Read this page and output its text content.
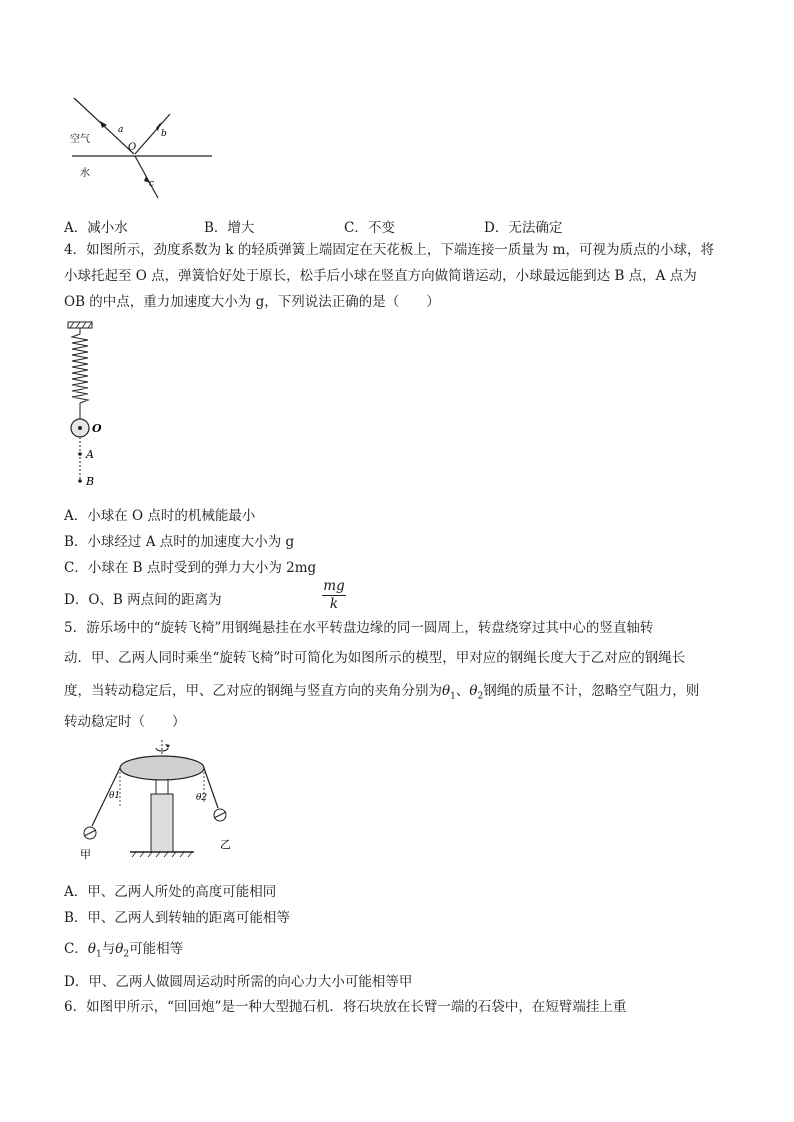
空气
水
a	b
c
O
A．减小水	B．增大	C．不变	D．无法确定
4．如图所示，劲度系数为 k 的轻质弹簧上端固定在天花板上，下端连接一质量为 m，可视为质点的小球，将
小球托起至 O 点，弹簧恰好处于原长，松手后小球在竖直方向做简谐运动，小球最远能到达 B 点，A 点为
OB 的中点，重力加速度大小为 g，下列说法正确的是（　　）
O
A
B
A．小球在 O 点时的机械能最小
B．小球经过 A 点时的加速度大小为 g
C．小球在 B 点时受到的弹力大小为 2mg
D．O、B 两点间的距离为
mg
k
5．游乐场中的“旋转飞椅”用钢绳悬挂在水平转盘边缘的同一圆周上，转盘绕穿过其中心的竖直轴转
动．甲、乙两人同时乘坐“旋转飞椅”时可简化为如图所示的模型，甲对应的钢绳长度大于乙对应的钢绳长
度，当转动稳定后，甲、乙对应的钢绳与竖直方向的夹角分别为$\theta_1$、$\theta_2$钢绳的质量不计，忽略空气阻力，则
转动稳定时（　　）
θ1	θ2
甲
乙
A．甲、乙两人所处的高度可能相同
B．甲、乙两人到转轴的距离可能相等
C．$\theta_1$与$\theta_2$可能相等
D．甲、乙两人做圆周运动时所需的向心力大小可能相等甲
6．如图甲所示，“回回炮”是一种大型抛石机．将石块放在长臂一端的石袋中，在短臂端挂上重
